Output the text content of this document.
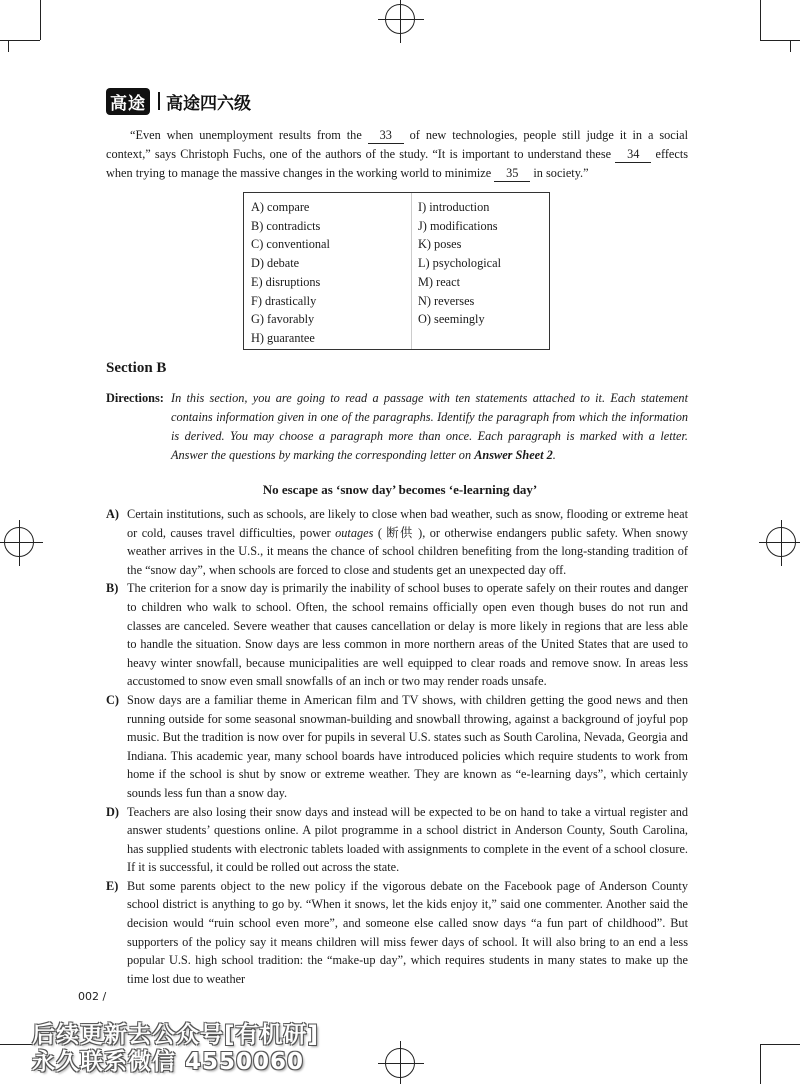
高途 高途四六级

“Even when unemployment results from the 33 of new technologies, people still judge it in a social context,” says Christoph Fuchs, one of the authors of the study. “It is important to understand these 34 effects when trying to manage the massive changes in the working world to minimize 35 in society.”

A) compare
B) contradicts
C) conventional
D) debate
E) disruptions
F) drastically
G) favorably
H) guarantee
I) introduction
J) modifications
K) poses
L) psychological
M) react
N) reverses
O) seemingly
Section B
Directions: In this section, you are going to read a passage with ten statements attached to it. Each statement contains information given in one of the paragraphs. Identify the paragraph from which the information is derived. You may choose a paragraph more than once. Each paragraph is marked with a letter. Answer the questions by marking the corresponding letter on Answer Sheet 2.
No escape as ‘snow day’ becomes ‘e-learning day’
A) Certain institutions, such as schools, are likely to close when bad weather, such as snow, flooding or extreme heat or cold, causes travel difficulties, power outages ( 断供 ), or otherwise endangers public safety. When snowy weather arrives in the U.S., it means the chance of school children benefiting from the long-standing tradition of the “snow day”, when schools are forced to close and students get an unexpected day off.
B) The criterion for a snow day is primarily the inability of school buses to operate safely on their routes and danger to children who walk to school. Often, the school remains officially open even though buses do not run and classes are canceled. Severe weather that causes cancellation or delay is more likely in regions that are less able to handle the situation. Snow days are less common in more northern areas of the United States that are used to heavy winter snowfall, because municipalities are well equipped to clear roads and remove snow. In areas less accustomed to snow even small snowfalls of an inch or two may render roads unsafe.
C) Snow days are a familiar theme in American film and TV shows, with children getting the good news and then running outside for some seasonal snowman-building and snowball throwing, against a background of joyful pop music. But the tradition is now over for pupils in several U.S. states such as South Carolina, Nevada, Georgia and Indiana. This academic year, many school boards have introduced policies which require students to work from home if the school is shut by snow or extreme weather. They are known as “e-learning days”, which certainly sounds less fun than a snow day.
D) Teachers are also losing their snow days and instead will be expected to be on hand to take a virtual register and answer students’ questions online. A pilot programme in a school district in Anderson County, South Carolina, has supplied students with electronic tablets loaded with assignments to complete in the event of a school closure. If it is successful, it could be rolled out across the state.
E) But some parents object to the new policy if the vigorous debate on the Facebook page of Anderson County school district is anything to go by. “When it snows, let the kids enjoy it,” said one commenter. Another said the decision would “ruin school even more”, and someone else called snow days “a fun part of childhood”. But supporters of the policy say it means children will miss fewer days of school. It will also bring to an end a less popular U.S. high school tradition: the “make-up day”, which requires students in many states to make up the time lost due to weather
002 /
后续更新去公众号[有机研]
永久联系微信 4550060
